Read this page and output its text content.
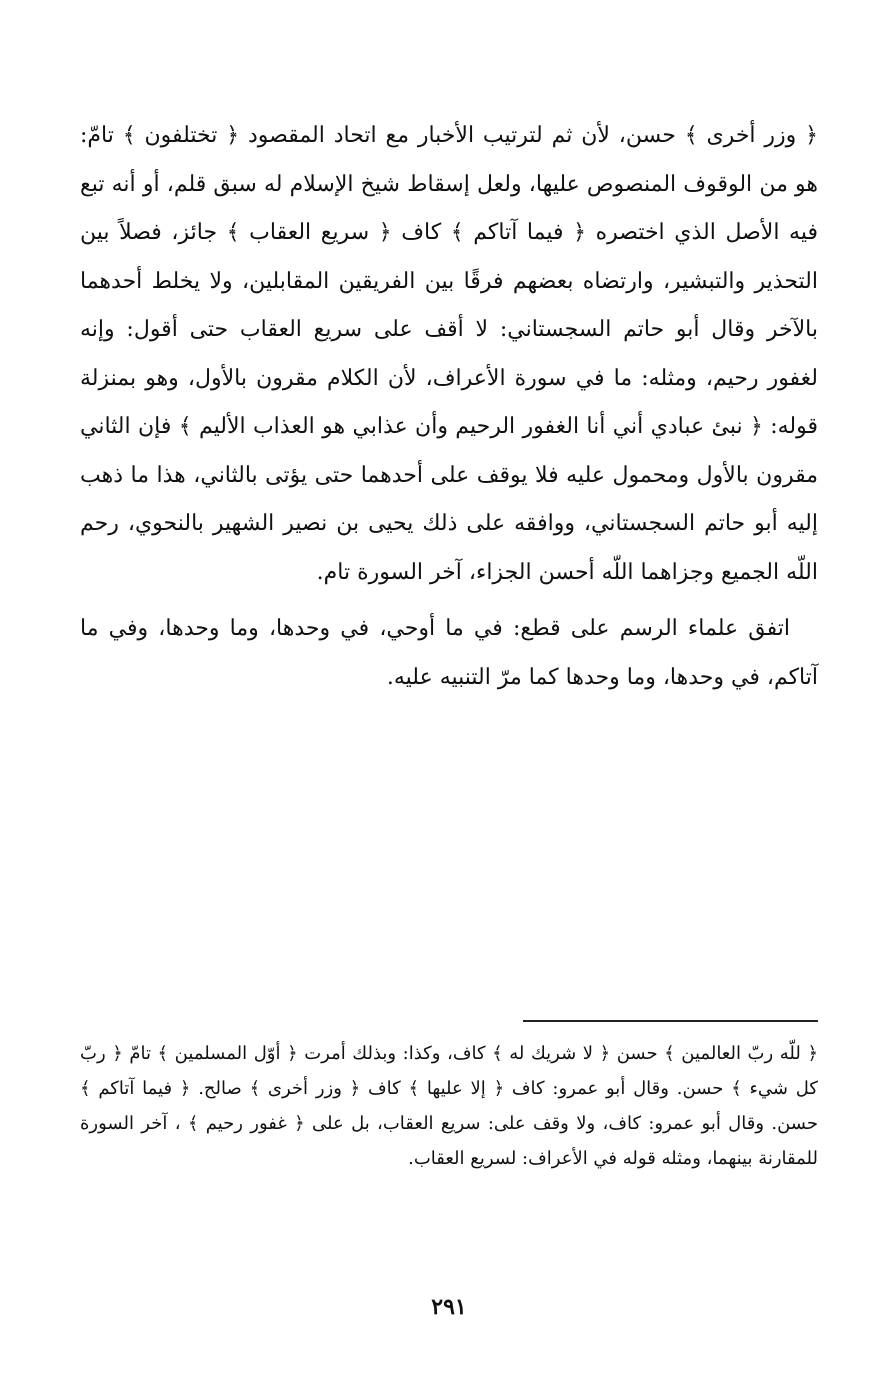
﴿ وزر أخرى ﴾ حسن، لأن ثم لترتيب الأخبار مع اتحاد المقصود ﴿ تختلفون ﴾ تامّ: هو من الوقوف المنصوص عليها، ولعل إسقاط شيخ الإسلام له سبق قلم، أو أنه تبع فيه الأصل الذي اختصره ﴿ فيما آتاكم ﴾ كاف ﴿ سريع العقاب ﴾ جائز، فصلاً بين التحذير والتبشير، وارتضاه بعضهم فرقًا بين الفريقين المقابلين، ولا يخلط أحدهما بالآخر وقال أبو حاتم السجستاني: لا أقف على سريع العقاب حتى أقول: وإنه لغفور رحيم، ومثله: ما في سورة الأعراف، لأن الكلام مقرون بالأول، وهو بمنزلة قوله: ﴿ نبئ عبادي أني أنا الغفور الرحيم وأن عذابي هو العذاب الأليم ﴾ فإن الثاني مقرون بالأول ومحمول عليه فلا يوقف على أحدهما حتى يؤتى بالثاني، هذا ما ذهب إليه أبو حاتم السجستاني، ووافقه على ذلك يحيى بن نصير الشهير بالنحوي، رحم اللّه الجميع وجزاهما اللّه أحسن الجزاء، آخر السورة تام.

اتفق علماء الرسم على قطع: في ما أوحي، في وحدها، وما وحدها، وفي ما آتاكم، في وحدها، وما وحدها كما مرّ التنبيه عليه.

﴿ للّه ربّ العالمين ﴾ حسن ﴿ لا شريك له ﴾ كاف، وكذا: وبذلك أمرت ﴿ أوّل المسلمين ﴾ تامّ ﴿ ربّ كل شيء ﴾ حسن. وقال أبو عمرو: كاف ﴿ إلا عليها ﴾ كاف ﴿ وزر أخرى ﴾ صالح. ﴿ فيما آتاكم ﴾ حسن. وقال أبو عمرو: كاف، ولا وقف على: سريع العقاب، بل على ﴿ غفور رحيم ﴾ ، آخر السورة للمقارنة بينهما، ومثله قوله في الأعراف: لسريع العقاب.

٢٩١
